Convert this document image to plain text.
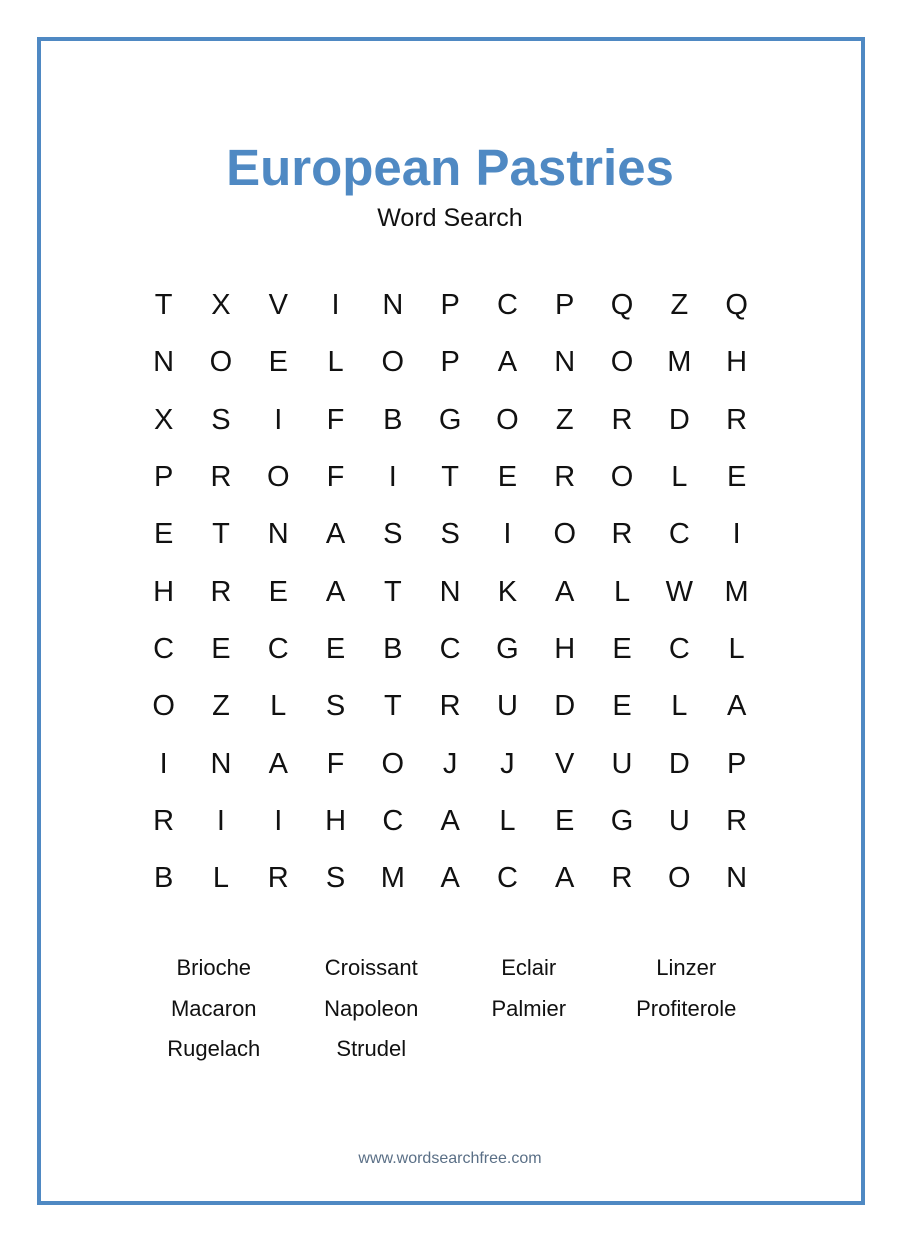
European Pastries
Word Search
T	X	V	I	N	P	C	P	Q	Z	Q
N	O	E	L	O	P	A	N	O	M	H
X	S	I	F	B	G	O	Z	R	D	R
P	R	O	F	I	T	E	R	O	L	E
E	T	N	A	S	S	I	O	R	C	I
H	R	E	A	T	N	K	A	L	W	M
C	E	C	E	B	C	G	H	E	C	L
O	Z	L	S	T	R	U	D	E	L	A
I	N	A	F	O	J	J	V	U	D	P
R	I	I	H	C	A	L	E	G	U	R
B	L	R	S	M	A	C	A	R	O	N
Brioche	Croissant	Eclair	Linzer
Macaron	Napoleon	Palmier	Profiterole
Rugelach	Strudel
www.wordsearchfree.com
